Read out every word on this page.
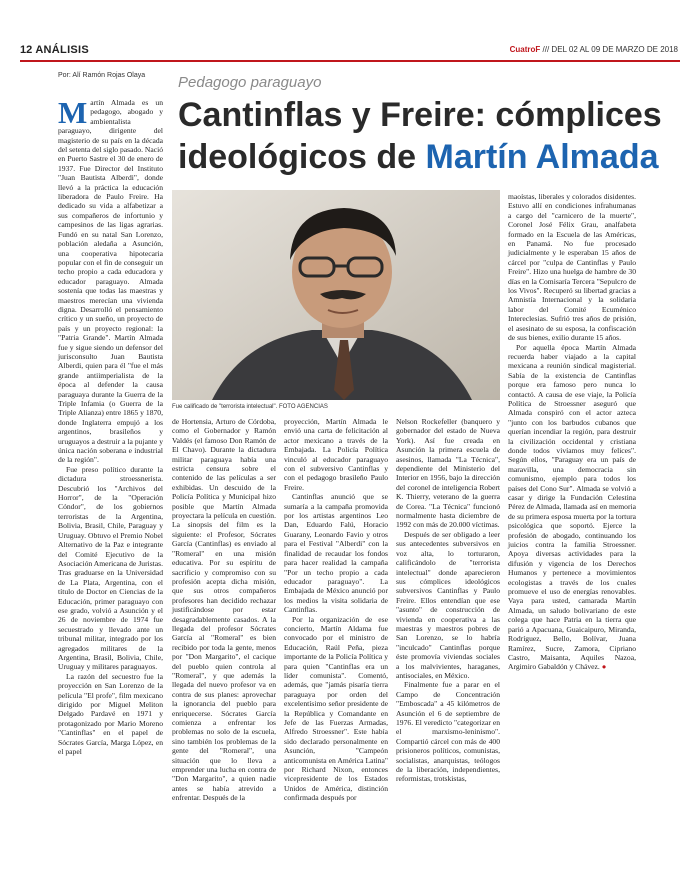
12 ANÁLISIS	CuatroF /// DEL 02 AL 09 DE MARZO DE 2018
Por: Alí Ramón Rojas Olaya Pedagogo paraguayo
Cantinflas y Freire: cómplices ideológicos de Martín Almada
Fue calificado de "terrorista intelectual". FOTO AGENCIAS

Martín Almada es un pedagogo, abogado y ambientalista paraguayo, dirigente del magisterio de su país en la década del setenta del siglo pasado. Nació en Puerto Sastre el 30 de enero de 1937. Fue Director del Instituto "Juan Bautista Alberdi", donde llevó a la práctica la educación liberadora de Paulo Freire. Ha dedicado su vida a alfabetizar a sus compañeros de infortunio y campesinos de las ligas agrarias. Fundó en su natal San Lorenzo, población aledaña a Asunción, una cooperativa hipotecaria popular con el fin de conseguir un techo propio a cada educadora y educador paraguayo. Almada sostenía que todas las maestras y maestros merecían una vivienda digna. Desarrolló el pensamiento crítico y un sueño, un proyecto de país y un proyecto regional: la "Patria Grande". Martín Almada fue y sigue siendo un defensor del jurisconsulto Juan Bautista Alberdi, quien para él "fue el más grande antiimperialista de la época al defender la causa paraguaya durante la Guerra de la Triple Infamia (o Guerra de la Triple Alianza) entre 1865 y 1870, donde Inglaterra empujó a los argentinos, brasileños y uruguayos a destruir a la pujante y única nación soberana e industrial de la región".

Fue preso político durante la dictadura stroessnerista. Descubrió los "Archivos del Horror", de la "Operación Cóndor", de los gobiernos terroristas de la Argentina, Bolivia, Brasil, Chile, Paraguay y Uruguay. Obtuvo el Premio Nobel Alternativo de la Paz e integrante del Comité Ejecutivo de la Asociación Americana de Juristas. Tras graduarse en la Universidad de La Plata, Argentina, con el título de Doctor en Ciencias de la Educación, primer paraguayo con ese grado, volvió a Asunción y el 26 de noviembre de 1974 fue secuestrado y llevado ante un tribunal militar, integrado por los agregados militares de la Argentina, Brasil, Bolivia, Chile, Uruguay y militares paraguayos.

La razón del secuestro fue la proyección en San Lorenzo de la película "El profe", film mexicano dirigido por Miguel Meliton Delgado Pardavé en 1971 y protagonizado por Mario Moreno "Cantinflas" en el papel de Sócrates García, Marga López, en el papel

de Hortensia, Arturo de Córdoba, como el Gobernador y Ramón Valdés (el famoso Don Ramón de El Chavo). Durante la dictadura militar paraguaya había una estricta censura sobre el contenido de las películas a ser exhibidas. Un descuido de la Policía Política y Municipal hizo posible que Martín Almada proyectara la película en cuestión. La sinopsis del film es la siguiente: el Profesor, Sócrates García (Cantinflas) es enviado al "Romeral" en una misión educativa. Por su espíritu de sacrificio y compromiso con su profesión acepta dicha misión, que sus otros compañeros profesores han decidido rechazar justificándose por estar desagradablemente casados. A la llegada del profesor Sócrates García al "Romeral" es bien recibido por toda la gente, menos por "Don Margarito", el cacique del pueblo quien controla al "Romeral", y que además la llegada del nuevo profesor va en contra de sus planes: aprovechar la ignorancia del pueblo para enriquecerse. Sócrates García comienza a enfrentar los problemas no solo de la escuela, sino también los problemas de la gente del "Romeral", una situación que lo lleva a emprender una lucha en contra de "Don Margarito", a quien nadie antes se había atrevido a enfrentar. Después de la

proyección, Martín Almada le envió una carta de felicitación al actor mexicano a través de la Embajada. La Policía Política vinculó al educador paraguayo con el subversivo Cantinflas y con el pedagogo brasileño Paulo Freire.

Cantinflas anunció que se sumaría a la campaña promovida por los artistas argentinos Leo Dan, Eduardo Falú, Horacio Guarany, Leonardo Favio y otros para el Festival "Alberdi" con la finalidad de recaudar los fondos para hacer realidad la campaña "Por un techo propio a cada educador paraguayo". La Embajada de México anunció por los medios la visita solidaria de Cantinflas.

Por la organización de ese concierto, Martín Aldama fue convocado por el ministro de Educación, Raúl Peña, pieza importante de la Policía Política y para quien "Cantinflas era un líder comunista". Comentó, además, que "jamás pisaría tierra paraguaya por orden del excelentísimo señor presidente de la República y Comandante en Jefe de las Fuerzas Armadas, Alfredo Stroessner". Este había sido declarado personalmente en Asunción, "Campeón anticomunista en América Latina" por Richard Nixon, entonces vicepresidente de los Estados Unidos de América, distinción confirmada después por

Nelson Rockefeller (banquero y gobernador del estado de Nueva York). Así fue creada en Asunción la primera escuela de asesinos, llamada "La Técnica", dependiente del Ministerio del Interior en 1956, bajo la dirección del coronel de inteligencia Robert K. Thierry, veterano de la guerra de Corea. "La Técnica" funcionó normalmente hasta diciembre de 1992 con más de 20.000 víctimas.

Después de ser obligado a leer sus antecedentes subversivos en voz alta, lo torturaron, calificándolo de "terrorista intelectual" donde aparecieron sus cómplices ideológicos subversivos Cantinflas y Paulo Freire. Ellos entendían que ese "asunto" de construcción de vivienda en cooperativa a las maestras y maestros pobres de San Lorenzo, se lo habría "inculcado" Cantinflas porque éste promovía viviendas sociales a los malvivientes, haraganes, antisociales, en México.

Finalmente fue a parar en el Campo de Concentración "Emboscada" a 45 kilómetros de Asunción el 6 de septiembre de 1976. El veredicto "categorizar en el marxismo-leninismo". Compartió cárcel con más de 400 prisioneros políticos, comunistas, socialistas, anarquistas, teólogos de la liberación, independientes, reformistas, trotskistas,

maoístas, liberales y colorados disidentes. Estuvo allí en condiciones infrahumanas a cargo del "carnicero de la muerte", Coronel José Félix Grau, analfabeta formado en la Escuela de las Américas, en Panamá. No fue procesado judicialmente y le esperaban 15 años de cárcel por "culpa de Cantinflas y Paulo Freire". Hizo una huelga de hambre de 30 días en la Comisaría Tercera "Sepulcro de los Vivos". Recuperó su libertad gracias a Amnistía Internacional y la solidaria labor del Comité Ecuménico Intereclesias. Sufrió tres años de prisión, el asesinato de su esposa, la confiscación de sus bienes, exilio durante 15 años.

Por aquella época Martín Almada recuerda haber viajado a la capital mexicana a reunión sindical magisterial. Sabía de la existencia de Cantinflas porque era famoso pero nunca lo contactó. A causa de ese viaje, la Policía Política de Stroessner aseguró que Almada conspiró con el actor azteca "junto con los barbudos cubanos que querían incendiar la región, para destruir la civilización occidental y cristiana donde todos vivíamos muy felices". Según ellos, "Paraguay era un país de maravilla, una democracia sin comunismo, ejemplo para todos los países del Cono Sur". Almada se volvió a casar y dirige la Fundación Celestina Pérez de Almada, llamada así en memoria de su primera esposa muerta por la tortura psicológica que soportó. Ejerce la profesión de abogado, continuando los juicios contra la familia Stroessner. Apoya diversas actividades para la difusión y vigencia de los Derechos Humanos y pertenece a movimientos ecologistas a través de los cuales promueve el uso de energías renovables. Vaya para usted, camarada Martín Almada, un saludo bolivariano de este colega que hace Patria en la tierra que parió a Apacuana, Guaicaipuro, Miranda, Rodríguez, Bello, Bolívar, Juana Ramírez, Sucre, Zamora, Cipriano Castro, Maisanta, Aquiles Nazoa, Argimiro Gabaldón y Chávez. ●
